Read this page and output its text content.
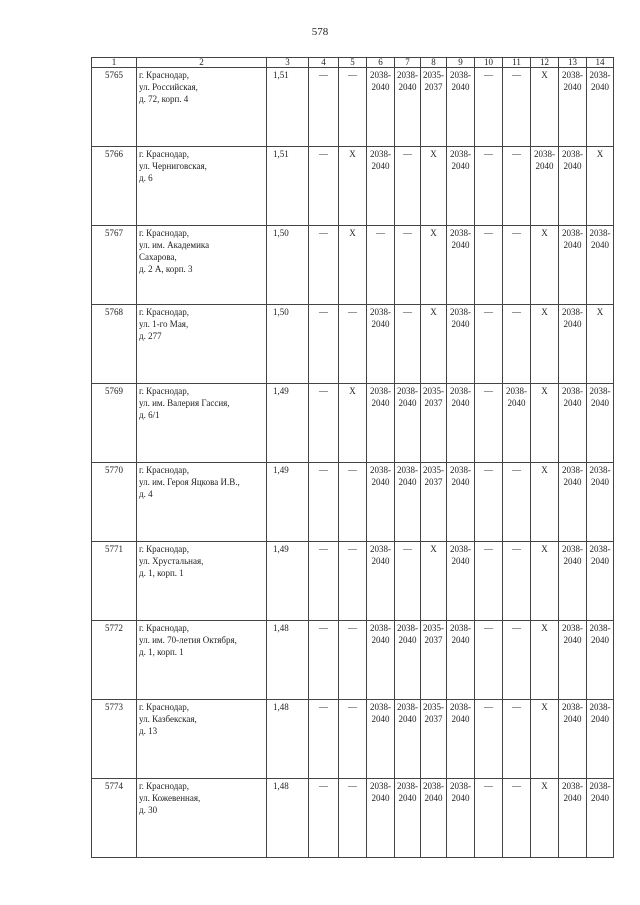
578
1	2	3	4	5	6	7	8	9	10	11	12	13	14
5765	г. Краснодар,
ул. Российская,
д. 72, корп. 4	1,51	—	—	2038-
2040	2038-
2040	2035-
2037	2038-
2040	—	—	X	2038-
2040	2038-
2040
5766	г. Краснодар,
ул. Черниговская,
д. 6	1,51	—	X	2038-
2040	—	X	2038-
2040	—	—	2038-
2040	2038-
2040	X
5767	г. Краснодар,
ул. им. Академика
Сахарова,
д. 2 А, корп. 3	1,50	—	X	—	—	X	2038-
2040	—	—	X	2038-
2040	2038-
2040
5768	г. Краснодар,
ул. 1-го Мая,
д. 277	1,50	—	—	2038-
2040	—	X	2038-
2040	—	—	X	2038-
2040	X
5769	г. Краснодар,
ул. им. Валерия Гассия,
д. 6/1	1,49	—	X	2038-
2040	2038-
2040	2035-
2037	2038-
2040	—	2038-
2040	X	2038-
2040	2038-
2040
5770	г. Краснодар,
ул. им. Героя Яцкова И.В.,
д. 4	1,49	—	—	2038-
2040	2038-
2040	2035-
2037	2038-
2040	—	—	X	2038-
2040	2038-
2040
5771	г. Краснодар,
ул. Хрустальная,
д. 1, корп. 1	1,49	—	—	2038-
2040	—	X	2038-
2040	—	—	X	2038-
2040	2038-
2040
5772	г. Краснодар,
ул. им. 70-летия Октября,
д. 1, корп. 1	1,48	—	—	2038-
2040	2038-
2040	2035-
2037	2038-
2040	—	—	X	2038-
2040	2038-
2040
5773	г. Краснодар,
ул. Казбекская,
д. 13	1,48	—	—	2038-
2040	2038-
2040	2035-
2037	2038-
2040	—	—	X	2038-
2040	2038-
2040
5774	г. Краснодар,
ул. Кожевенная,
д. 30	1,48	—	—	2038-
2040	2038-
2040	2038-
2040	2038-
2040	—	—	X	2038-
2040	2038-
2040
